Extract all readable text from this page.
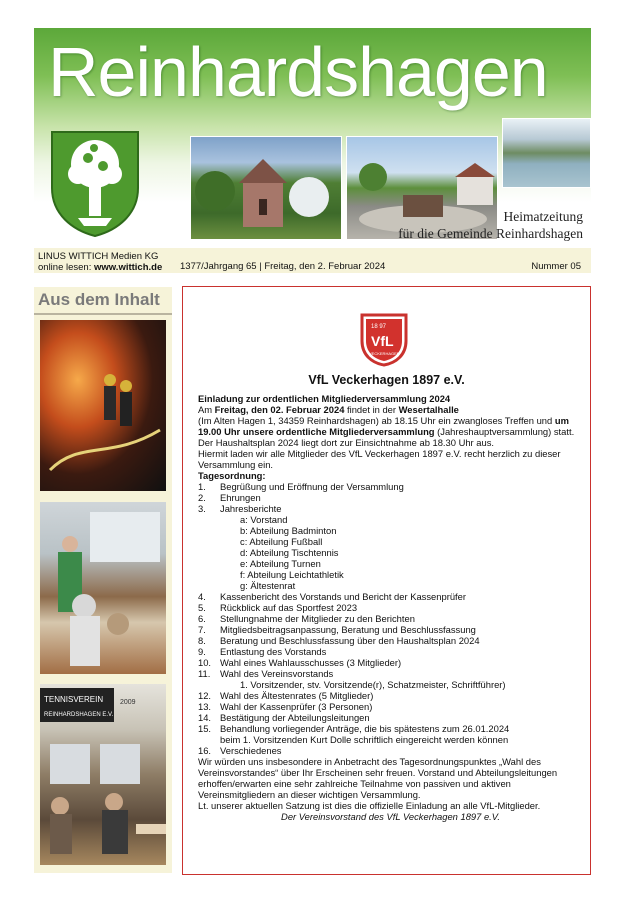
Reinhardshagen
Heimatzeitung
für die Gemeinde Reinhardshagen
LINUS WITTICH Medien KG
online lesen: www.wittich.de 1377/Jahrgang 65 | Freitag, den 2. Februar 2024	Nummer 05
Aus dem Inhalt
TENNISVEREIN
REINHARDSHAGEN E.V.
2009
18 97
VfL
VECKERHAGEN
VfL Veckerhagen 1897 e.V.

Einladung zur ordentlichen Mitgliederversammlung 2024

Am Freitag, den 02. Februar 2024 findet in der Wesertalhalle
(Im Alten Hagen 1, 34359 Reinhardshagen) ab 18.15 Uhr ein zwangloses Treffen und um 19.00 Uhr unsere ordentliche Mitgliederversammlung (Jahreshauptversammlung) statt.

Der Haushaltsplan 2024 liegt dort zur Einsichtnahme ab 18.30 Uhr aus.

Hiermit laden wir alle Mitglieder des VfL Veckerhagen 1897 e.V. recht herzlich zu dieser Versammlung ein.

Tagesordnung:

1.	Begrüßung und Eröffnung der Versammlung
2.	Ehrungen
3.	Jahresberichte
a: Vorstand
b: Abteilung Badminton
c: Abteilung Fußball
d: Abteilung Tischtennis
e: Abteilung Turnen
f: Abteilung Leichtathletik
g: Ältestenrat
4.	Kassenbericht des Vorstands und Bericht der Kassenprüfer
5.	Rückblick auf das Sportfest 2023
6.	Stellungnahme der Mitglieder zu den Berichten
7.	Mitgliedsbeitragsanpassung, Beratung und Beschlussfassung
8.	Beratung und Beschlussfassung über den Haushaltsplan 2024
9.	Entlastung des Vorstands
10. Wahl eines Wahlausschusses (3 Mitglieder)
11.	Wahl des Vereinsvorstands
1. Vorsitzender, stv. Vorsitzende(r), Schatzmeister, Schriftführer)
12. Wahl des Ältestenrates (5 Mitglieder)
13. Wahl der Kassenprüfer (3 Personen)
14. Bestätigung der Abteilungsleitungen
15. Behandlung vorliegender Anträge, die bis spätestens zum 26.01.2024
beim 1. Vorsitzenden Kurt Dolle schriftlich eingereicht werden können
16. Verschiedenes

Wir würden uns insbesondere in Anbetracht des Tagesordnungspunktes „Wahl des Vereinsvorstandes“ über Ihr Erscheinen sehr freuen. Vorstand und Abteilungsleitungen erhoffen/erwarten eine sehr zahlreiche Teilnahme von passiven und aktiven Vereinsmitgliedern an dieser wichtigen Versammlung.

Lt. unserer aktuellen Satzung ist dies die offizielle Einladung an alle VfL-Mitglieder.

Der Vereinsvorstand des VfL Veckerhagen 1897 e.V.
